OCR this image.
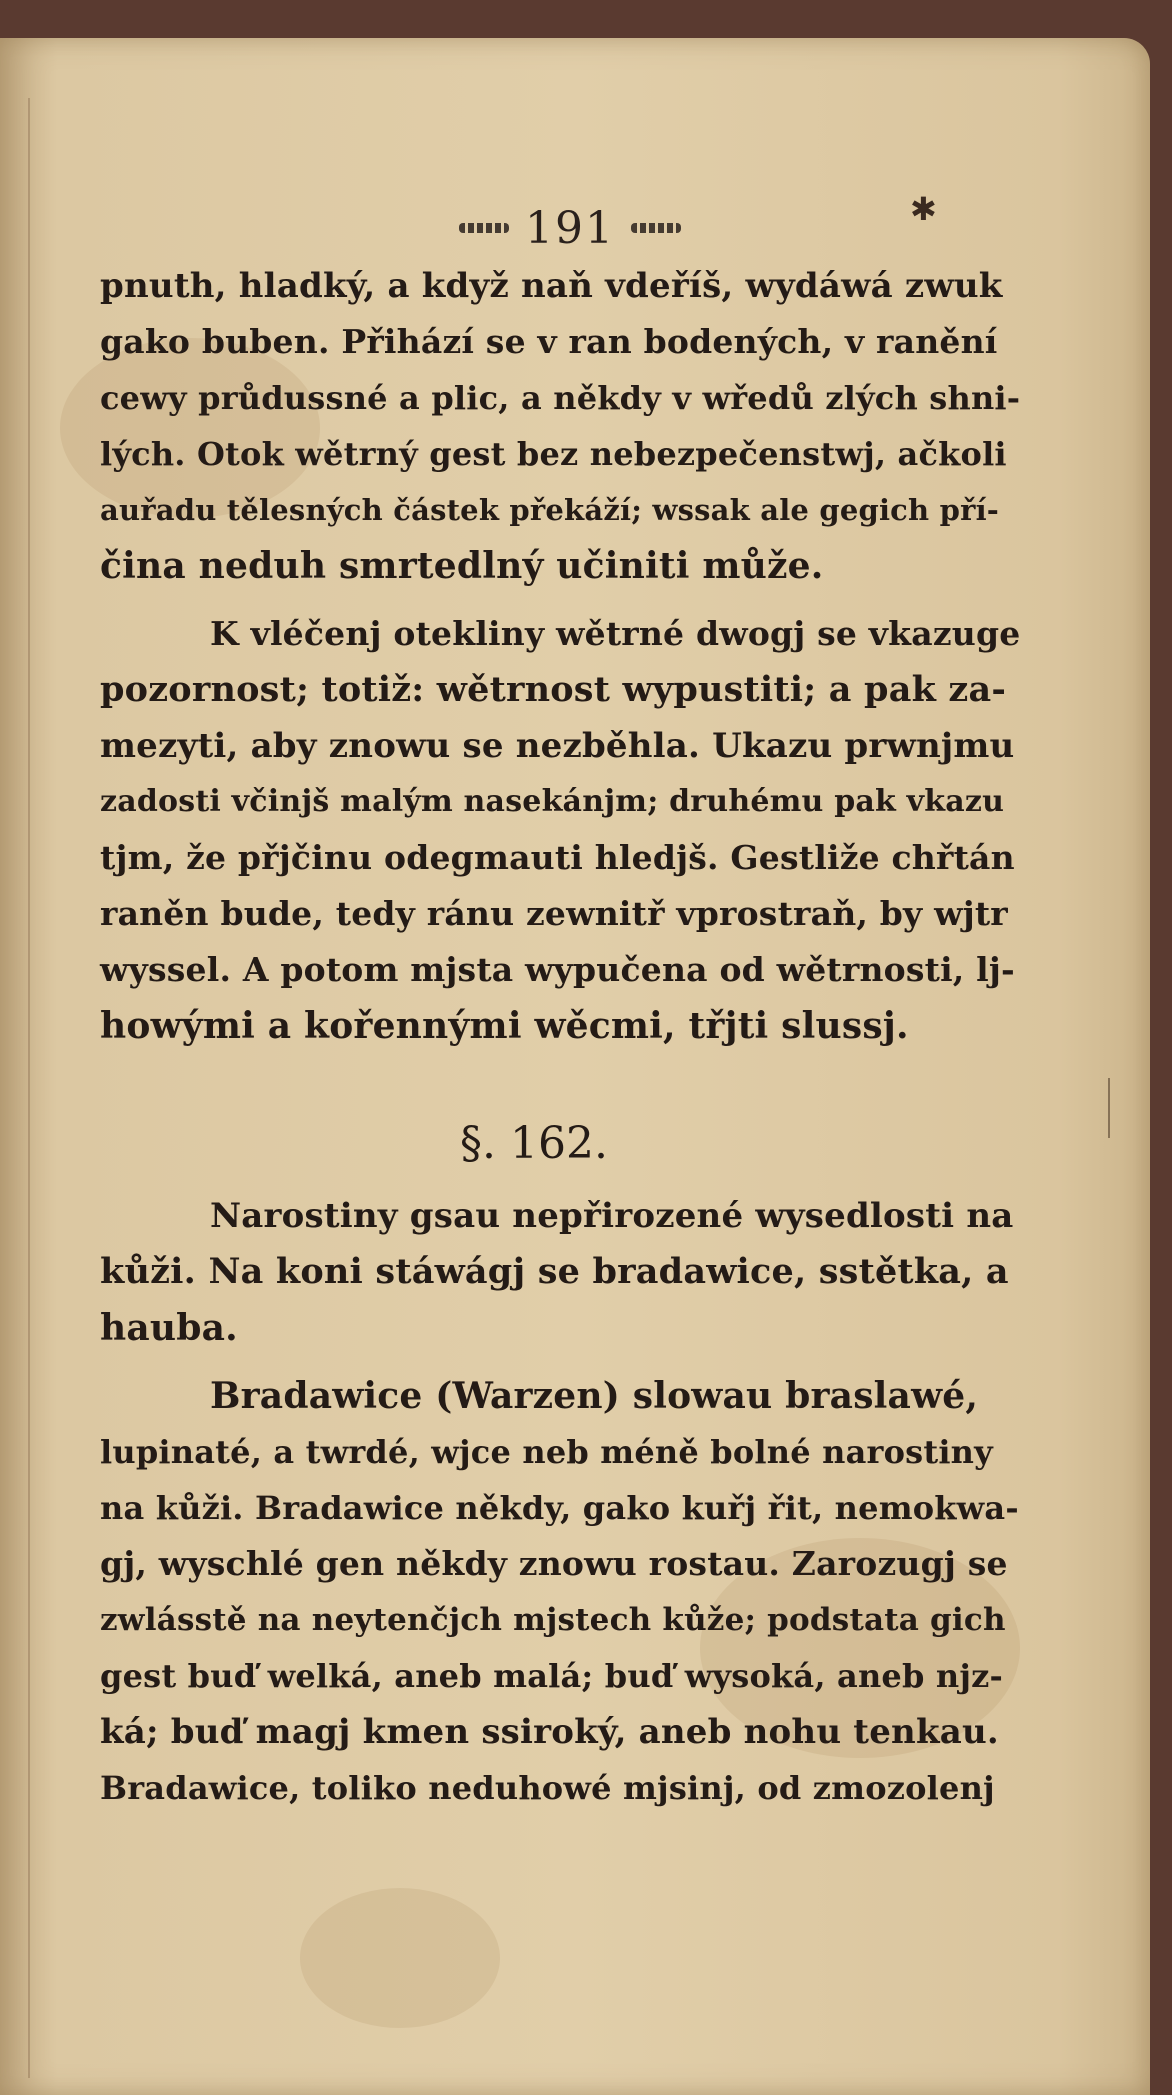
✱
191
pnuth, hladký, a když naň vdeříš, wydáwá zwuk
gako buben. Přihází se v ran bodených, v ranění
cewy průdussné a plic, a někdy v wředů zlých shni-
lých. Otok wětrný gest bez nebezpečenstwj, ačkoli
auřadu tělesných částek překáží; wssak ale gegich pří-
čina neduh smrtedlný učiniti může.
K vléčenj otekliny wětrné dwogj se vkazuge
pozornost; totiž: wětrnost wypustiti; a pak za-
mezyti, aby znowu se nezběhla. Ukazu prwnjmu
zadosti včinjš malým nasekánjm; druhému pak vkazu
tjm, že přjčinu odegmauti hledjš. Gestliže chřtán
raněn bude, tedy ránu zewnitř vprostraň, by wjtr
wyssel. A potom mjsta wypučena od wětrnosti, lj-
howými a kořennými wěcmi, třjti slussj.
§. 162.
Narostiny gsau nepřirozené wysedlosti na
kůži. Na koni stáwágj se bradawice, sstětka, a
hauba.
Bradawice (Warzen) slowau braslawé,
lupinaté, a twrdé, wjce neb méně bolné narostiny
na kůži. Bradawice někdy, gako kuřj řit, nemokwa-
gj, wyschlé gen někdy znowu rostau. Zarozugj se
zwlásstě na neytenčjch mjstech kůže; podstata gich
gest buď welká, aneb malá; buď wysoká, aneb njz-
ká; buď magj kmen ssiroký, aneb nohu tenkau.
Bradawice, toliko neduhowé mjsinj, od zmozolenj
